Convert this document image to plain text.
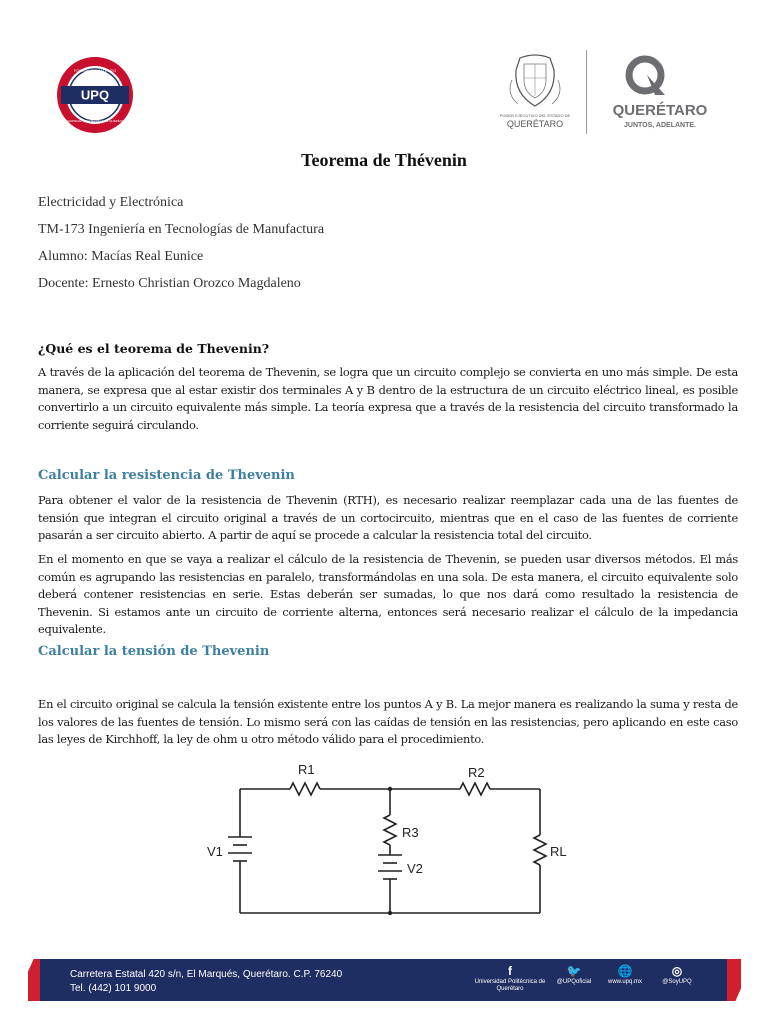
UPQ
FORMANDO TALENTO
UNIVERSIDAD POLITÉCNICA DE QUERÉTARO
PODER EJECUTIVO DEL ESTADO DE
QUERÉTARO
QUERÉTARO
JUNTOS, ADELANTE.
Teorema de Thévenin
Electricidad y Electrónica
TM-173 Ingeniería en Tecnologías de Manufactura
Alumno: Macías Real Eunice
Docente: Ernesto Christian Orozco Magdaleno
¿Qué es el teorema de Thevenin?
A través de la aplicación del teorema de Thevenin, se logra que un circuito complejo se convierta en uno más simple. De esta manera, se expresa que al estar existir dos terminales A y B dentro de la estructura de un circuito eléctrico lineal, es posible convertirlo a un circuito equivalente más simple. La teoría expresa que a través de la resistencia del circuito transformado la corriente seguirá circulando.
Calcular la resistencia de Thevenin
Para obtener el valor de la resistencia de Thevenin (RTH), es necesario realizar reemplazar cada una de las fuentes de tensión que integran el circuito original a través de un cortocircuito, mientras que en el caso de las fuentes de corriente pasarán a ser circuito abierto. A partir de aquí se procede a calcular la resistencia total del circuito.
En el momento en que se vaya a realizar el cálculo de la resistencia de Thevenin, se pueden usar diversos métodos. El más común es agrupando las resistencias en paralelo, transformándolas en una sola. De esta manera, el circuito equivalente solo deberá contener resistencias en serie. Estas deberán ser sumadas, lo que nos dará como resultado la resistencia de Thevenin. Si estamos ante un circuito de corriente alterna, entonces será necesario realizar el cálculo de la impedancia equivalente.
Calcular la tensión de Thevenin
En el circuito original se calcula la tensión existente entre los puntos A y B. La mejor manera es realizando la suma y resta de los valores de las fuentes de tensión. Lo mismo será con las caídas de tensión en las resistencias, pero aplicando en este caso las leyes de Kirchhoff, la ley de ohm u otro método válido para el procedimiento.
R1	R2
R3
V1
V2
RL
Carretera Estatal 420 s/n, El Marqués, Querétaro. C.P. 76240
Tel. (442) 101 9000
f
Universidad Politécnica de Querétaro
🐦
@UPQoficial
🌐
www.upq.mx
◎
@SoyUPQ
